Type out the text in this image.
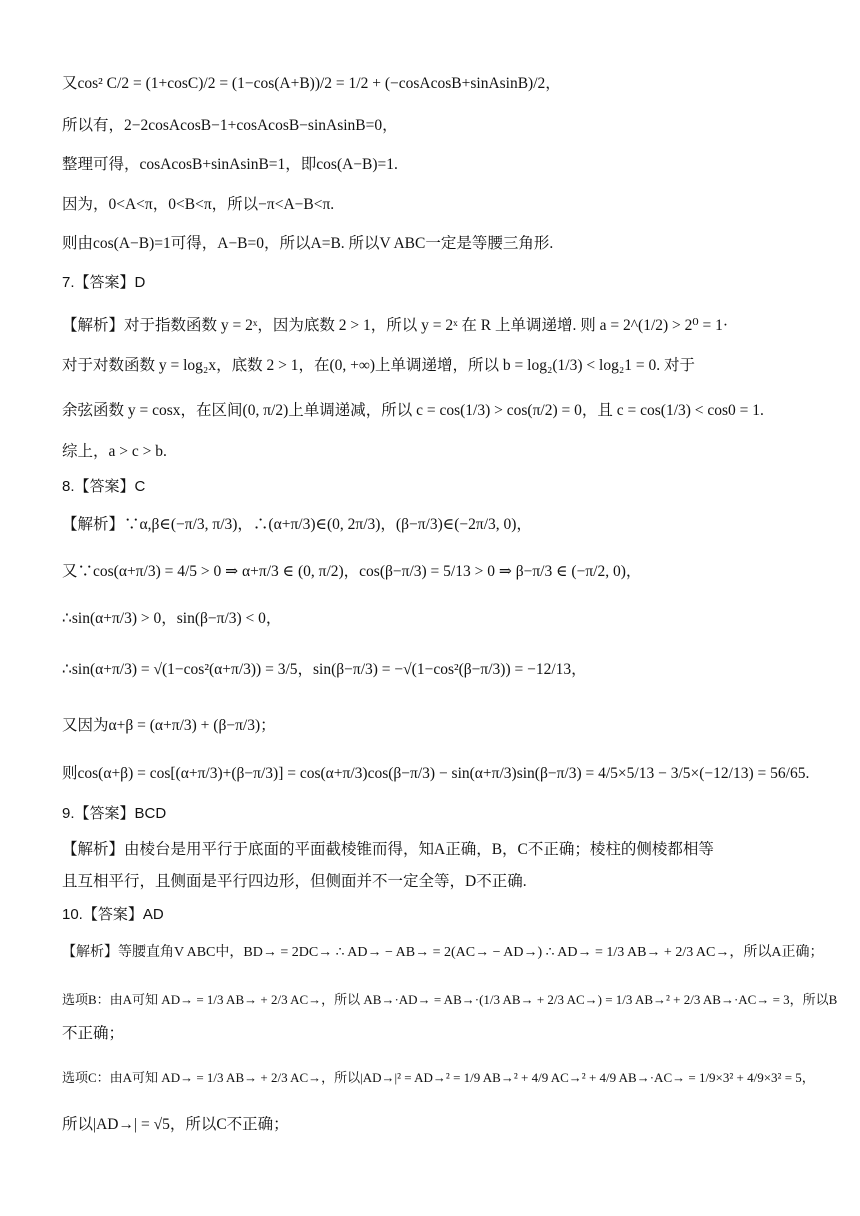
又cos² C/2 = (1+cosC)/2 = (1−cos(A+B))/2 = 1/2 + (−cosAcosB+sinAsinB)/2，
所以有，2−2cosAcosB−1+cosAcosB−sinAsinB=0，
整理可得，cosAcosB+sinAsinB=1，即cos(A−B)=1.
因为，0<A<π，0<B<π，所以−π<A−B<π.
则由cos(A−B)=1可得，A−B=0，所以A=B. 所以V ABC一定是等腰三角形.
7.【答案】D
【解析】对于指数函数 y = 2ˣ，因为底数 2 > 1，所以 y = 2ˣ 在 R 上单调递增. 则 a = 2^(1/2) > 2⁰ = 1·
对于对数函数 y = log₂x，底数 2 > 1，在(0, +∞)上单调递增，所以 b = log₂(1/3) < log₂1 = 0. 对于
余弦函数 y = cosx，在区间(0, π/2)上单调递减，所以 c = cos(1/3) > cos(π/2) = 0，且 c = cos(1/3) < cos0 = 1.
综上，a > c > b.
8.【答案】C
【解析】∵α,β∈(−π/3, π/3)，∴(α+π/3)∈(0, 2π/3)，(β−π/3)∈(−2π/3, 0)，
又∵cos(α+π/3) = 4/5 > 0 ⇒ α+π/3 ∈ (0, π/2)，cos(β−π/3) = 5/13 > 0 ⇒ β−π/3 ∈ (−π/2, 0)，
∴sin(α+π/3) > 0，sin(β−π/3) < 0，
∴sin(α+π/3) = √(1−cos²(α+π/3)) = 3/5，sin(β−π/3) = −√(1−cos²(β−π/3)) = −12/13，
又因为α+β = (α+π/3) + (β−π/3)；
则cos(α+β) = cos[(α+π/3)+(β−π/3)] = cos(α+π/3)cos(β−π/3) − sin(α+π/3)sin(β−π/3) = 4/5×5/13 − 3/5×(−12/13) = 56/65.
9.【答案】BCD
【解析】由棱台是用平行于底面的平面截棱锥而得，知A正确，B，C不正确；棱柱的侧棱都相等
且互相平行，且侧面是平行四边形，但侧面并不一定全等，D不正确.
10.【答案】AD
【解析】等腰直角V ABC中，BD→ = 2DC→ ∴ AD→ − AB→ = 2(AC→ − AD→) ∴ AD→ = 1/3 AB→ + 2/3 AC→，所以A正确；
选项B：由A可知 AD→ = 1/3 AB→ + 2/3 AC→，所以 AB→·AD→ = AB→·(1/3 AB→ + 2/3 AC→) = 1/3 AB→² + 2/3 AB→·AC→ = 3，所以B
不正确；
选项C：由A可知 AD→ = 1/3 AB→ + 2/3 AC→，所以|AD→|² = AD→² = 1/9 AB→² + 4/9 AC→² + 4/9 AB→·AC→ = 1/9×3² + 4/9×3² = 5，
所以|AD→| = √5，所以C不正确；
